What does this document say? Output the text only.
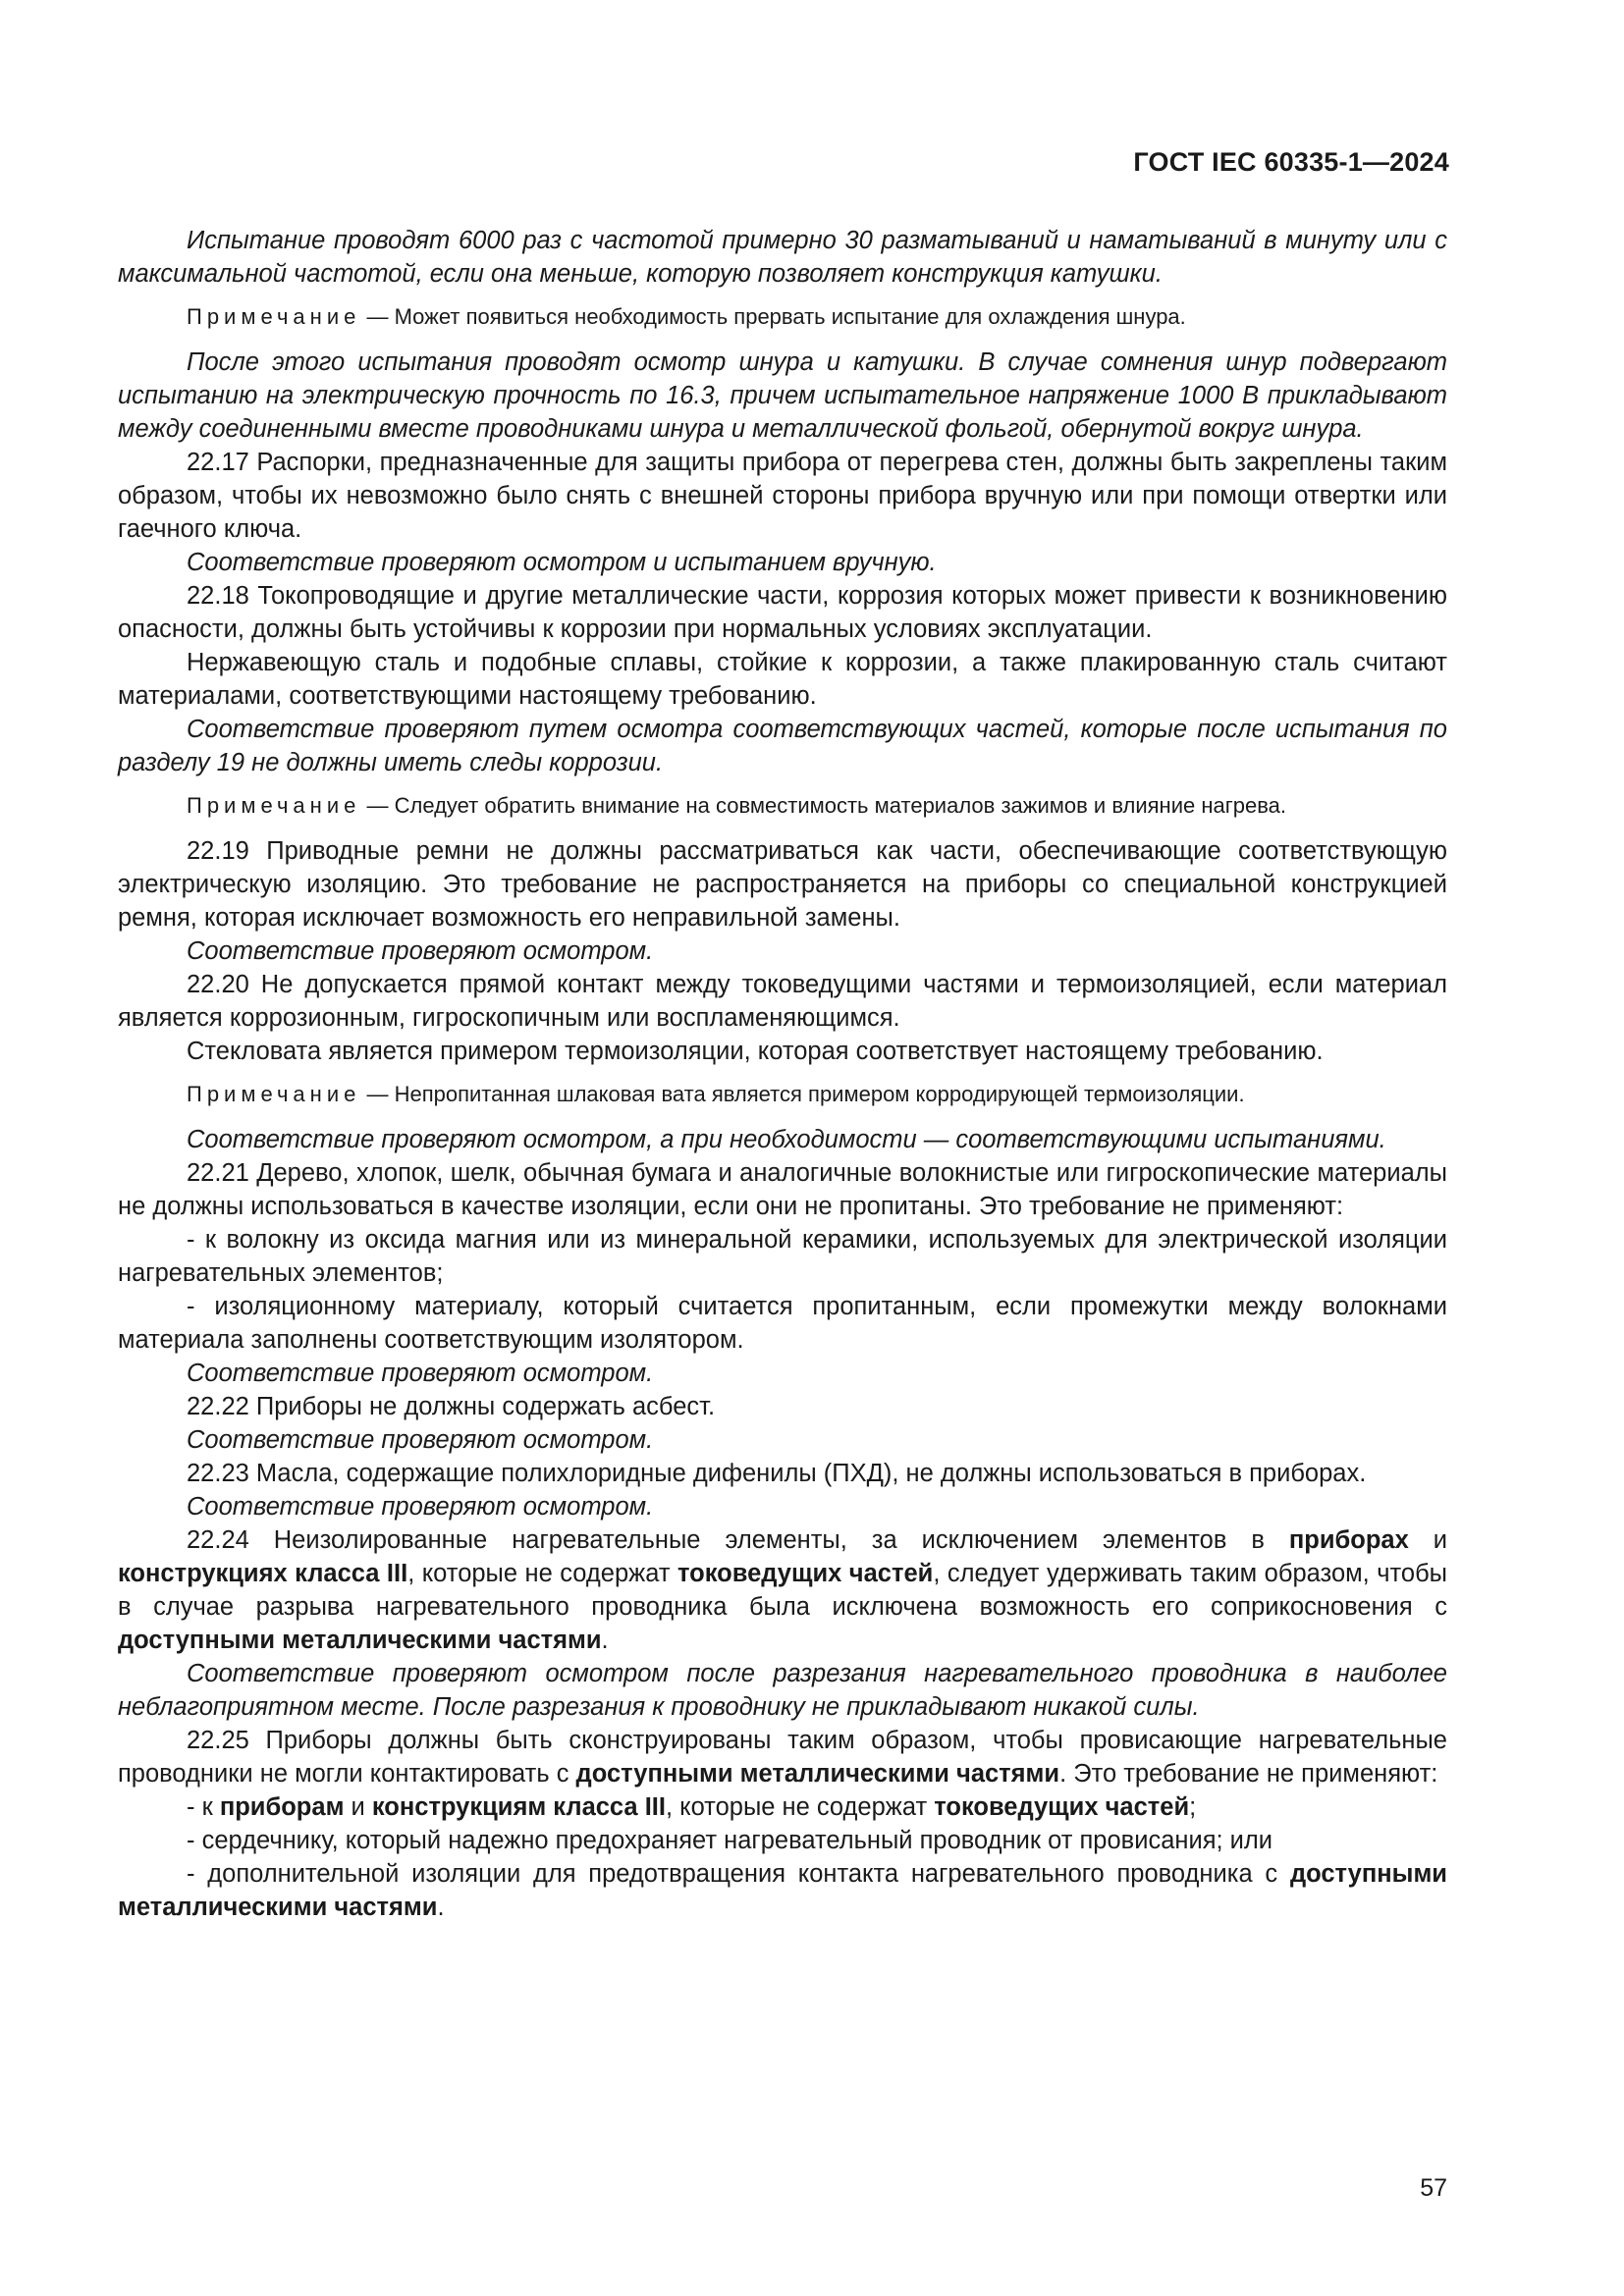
ГОСТ IEC 60335-1—2024

Испытание проводят 6000 раз с частотой примерно 30 разматываний и наматываний в минуту или с максимальной частотой, если она меньше, которую позволяет конструкция катушки.

Примечание — Может появиться необходимость прервать испытание для охлаждения шнура.

После этого испытания проводят осмотр шнура и катушки. В случае сомнения шнур подвергают испытанию на электрическую прочность по 16.3, причем испытательное напряжение 1000 В прикладывают между соединенными вместе проводниками шнура и металлической фольгой, обернутой вокруг шнура.

22.17 Распорки, предназначенные для защиты прибора от перегрева стен, должны быть закреплены таким образом, чтобы их невозможно было снять с внешней стороны прибора вручную или при помощи отвертки или гаечного ключа.

Соответствие проверяют осмотром и испытанием вручную.

22.18 Токопроводящие и другие металлические части, коррозия которых может привести к возникновению опасности, должны быть устойчивы к коррозии при нормальных условиях эксплуатации.

Нержавеющую сталь и подобные сплавы, стойкие к коррозии, а также плакированную сталь считают материалами, соответствующими настоящему требованию.

Соответствие проверяют путем осмотра соответствующих частей, которые после испытания по разделу 19 не должны иметь следы коррозии.

Примечание — Следует обратить внимание на совместимость материалов зажимов и влияние нагрева.

22.19 Приводные ремни не должны рассматриваться как части, обеспечивающие соответствующую электрическую изоляцию. Это требование не распространяется на приборы со специальной конструкцией ремня, которая исключает возможность его неправильной замены.

Соответствие проверяют осмотром.

22.20 Не допускается прямой контакт между токоведущими частями и термоизоляцией, если материал является коррозионным, гигроскопичным или воспламеняющимся.

Стекловата является примером термоизоляции, которая соответствует настоящему требованию.

Примечание — Непропитанная шлаковая вата является примером корродирующей термоизоляции.

Соответствие проверяют осмотром, а при необходимости — соответствующими испытаниями.

22.21 Дерево, хлопок, шелк, обычная бумага и аналогичные волокнистые или гигроскопические материалы не должны использоваться в качестве изоляции, если они не пропитаны. Это требование не применяют:

- к волокну из оксида магния или из минеральной керамики, используемых для электрической изоляции нагревательных элементов;

- изоляционному материалу, который считается пропитанным, если промежутки между волокнами материала заполнены соответствующим изолятором.

Соответствие проверяют осмотром.

22.22 Приборы не должны содержать асбест.

Соответствие проверяют осмотром.

22.23 Масла, содержащие полихлоридные дифенилы (ПХД), не должны использоваться в приборах.

Соответствие проверяют осмотром.

22.24 Неизолированные нагревательные элементы, за исключением элементов в приборах и конструкциях класса III, которые не содержат токоведущих частей, следует удерживать таким образом, чтобы в случае разрыва нагревательного проводника была исключена возможность его соприкосновения с доступными металлическими частями.

Соответствие проверяют осмотром после разрезания нагревательного проводника в наиболее неблагоприятном месте. После разрезания к проводнику не прикладывают никакой силы.

22.25 Приборы должны быть сконструированы таким образом, чтобы провисающие нагревательные проводники не могли контактировать с доступными металлическими частями. Это требование не применяют:

- к приборам и конструкциям класса III, которые не содержат токоведущих частей;

- сердечнику, который надежно предохраняет нагревательный проводник от провисания; или

- дополнительной изоляции для предотвращения контакта нагревательного проводника с доступными металлическими частями.

57
